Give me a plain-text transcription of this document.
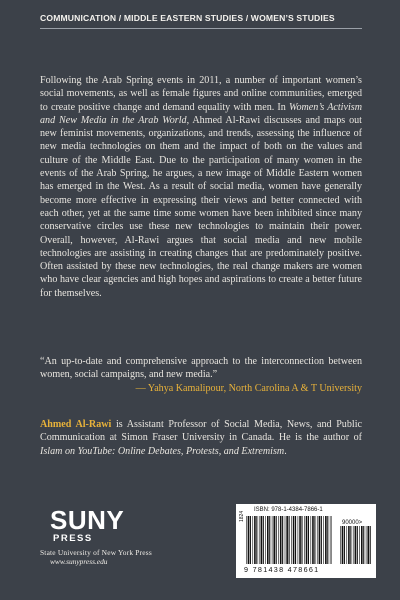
COMMUNICATION / MIDDLE EASTERN STUDIES / WOMEN’S STUDIES
Following the Arab Spring events in 2011, a number of important women’s social movements, as well as female figures and online communities, emerged to create positive change and demand equality with men. In Women’s Activism and New Media in the Arab World, Ahmed Al-Rawi discusses and maps out new feminist movements, organizations, and trends, assessing the influence of new media technologies on them and the impact of both on the values and culture of the Middle East. Due to the participation of many women in the events of the Arab Spring, he argues, a new image of Middle Eastern women has emerged in the West. As a result of social media, women have generally become more effective in expressing their views and better connected with each other, yet at the same time some women have been inhibited since many conservative circles use these new technologies to maintain their power. Overall, however, Al-Rawi argues that social media and new mobile technologies are assisting in creating changes that are predominately positive. Often assisted by these new technologies, the real change makers are women who have clear agencies and high hopes and aspirations to create a better future for themselves.
“An up-to-date and comprehensive approach to the interconnection between women, social campaigns, and new media.”
— Yahya Kamalipour, North Carolina A & T University
Ahmed Al-Rawi is Assistant Professor of Social Media, News, and Public Communication at Simon Fraser University in Canada. He is the author of Islam on YouTube: Online Debates, Protests, and Extremism.
SUNY
PRESS
State University of New York Press
www.sunypress.edu
1824
ISBN: 978-1-4384-7866-1
90000>
9 781438 478661
